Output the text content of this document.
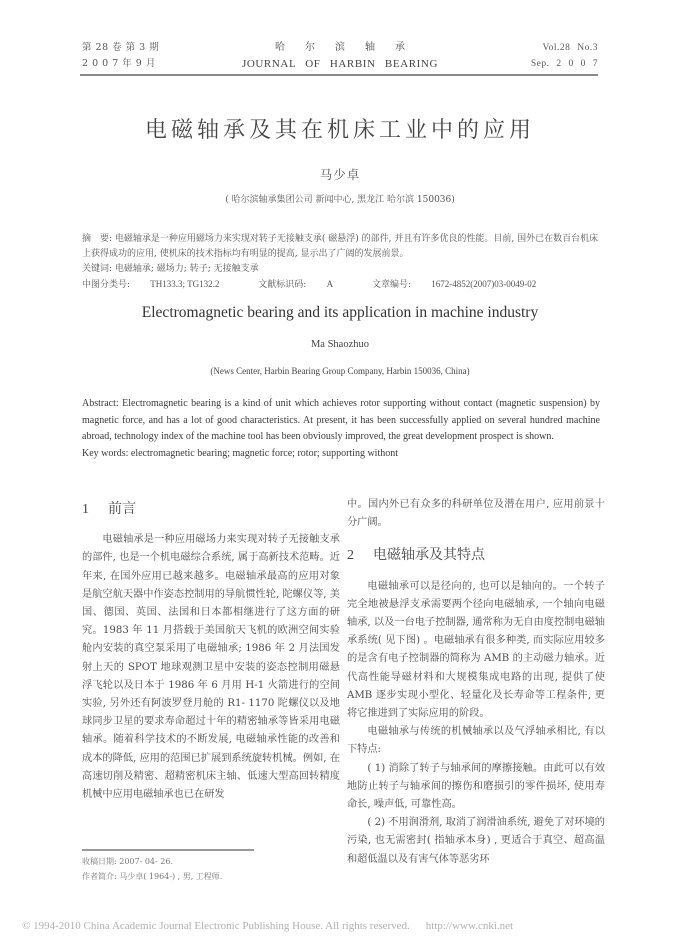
第 28 卷 第 3 期
2 0 0 7 年 9 月
哈尔滨轴承
JOURNAL OF HARBIN BEARING
Vol.28 No.3
Sep. 2 0 0 7
电磁轴承及其在机床工业中的应用
马少卓
( 哈尔滨轴承集团公司 新闻中心, 黑龙江 哈尔滨 150036)

摘　要: 电磁轴承是一种应用磁场力来实现对转子无接触支承( 磁悬浮) 的部件, 并且有许多优良的性能。目前, 国外已在数百台机床上获得成功的应用, 使机床的技术指标均有明显的提高, 显示出了广阔的发展前景。

关键词: 电磁轴承; 磁场力; 转子; 无接触支承

中图分类号: TH133.3; TG132.2	文献标识码: A	文章编号: 1672-4852(2007)03-0049-02

Electromagnetic bearing and its application in machine industry
Ma Shaozhuo
(News Center, Harbin Bearing Group Company, Harbin 150036, China)

Abstract: Electromagnetic bearing is a kind of unit which achieves rotor supporting without contact (magnetic suspension) by magnetic force, and has a lot of good characteristics. At present, it has been successfully applied on several hundred machine abroad, technology index of the machine tool has been obviously improved, the great development prospect is shown.

Key words: electromagnetic bearing; magnetic force; rotor; supporting withont

1 前言

电磁轴承是一种应用磁场力来实现对转子无接触支承的部件, 也是一个机电磁综合系统, 属于高新技术范畴。近年来, 在国外应用已越来越多。电磁轴承最高的应用对象是航空航天器中作姿态控制用的导航惯性轮, 陀螺仪等, 美国、德国、英国、法国和日本都相继进行了这方面的研究。1983 年 11 月搭载于美国航天飞机的欧洲空间实验舱内安装的真空泵采用了电磁轴承; 1986 年 2 月法国发射上天的 SPOT 地球观测卫星中安装的姿态控制用磁悬浮飞轮以及日本于 1986 年 6 月用 H-1 火箭进行的空间实验, 另外还有阿波罗登月舱的 R1- 1170 陀螺仪以及地球同步卫星的要求寿命超过十年的精密轴承等皆采用电磁轴承。随着科学技术的不断发展, 电磁轴承性能的改善和成本的降低, 应用的范围已扩展到系统旋转机械。例如, 在高速切削及精密、超精密机床主轴、低速大型高回转精度机械中应用电磁轴承也已在研发

中。国内外已有众多的科研单位及潜在用户, 应用前景十分广阔。

2 电磁轴承及其特点

电磁轴承可以是径向的, 也可以是轴向的。一个转子完全地被悬浮支承需要两个径向电磁轴承, 一个轴向电磁轴承, 以及一台电子控制器, 通常称为无自由度控制电磁轴承系统( 见下图) 。电磁轴承有很多种类, 而实际应用较多的是含有电子控制器的简称为 AMB 的主动磁力轴承。近代高性能导磁材料和大规模集成电路的出现, 提供了使 AMB 逐步实现小型化、轻量化及长寿命等工程条件, 更将它推进到了实际应用的阶段。

电磁轴承与传统的机械轴承以及气浮轴承相比, 有以下特点:

( 1) 消除了转子与轴承间的摩擦接触。由此可以有效地防止转子与轴承间的擦伤和磨损引的零件损坏, 使用寿命长, 噪声低, 可靠性高。

( 2) 不用润滑剂, 取消了润滑油系统, 避免了对环境的污染, 也无需密封( 指轴承本身) , 更适合于真空、超高温和超低温以及有害气体等恶劣环

收稿日期: 2007- 04- 26.

作者简介: 马少卓( 1964-) , 男, 工程师.

© 1994-2010 China Academic Journal Electronic Publishing House. All rights reserved. http://www.cnki.net
